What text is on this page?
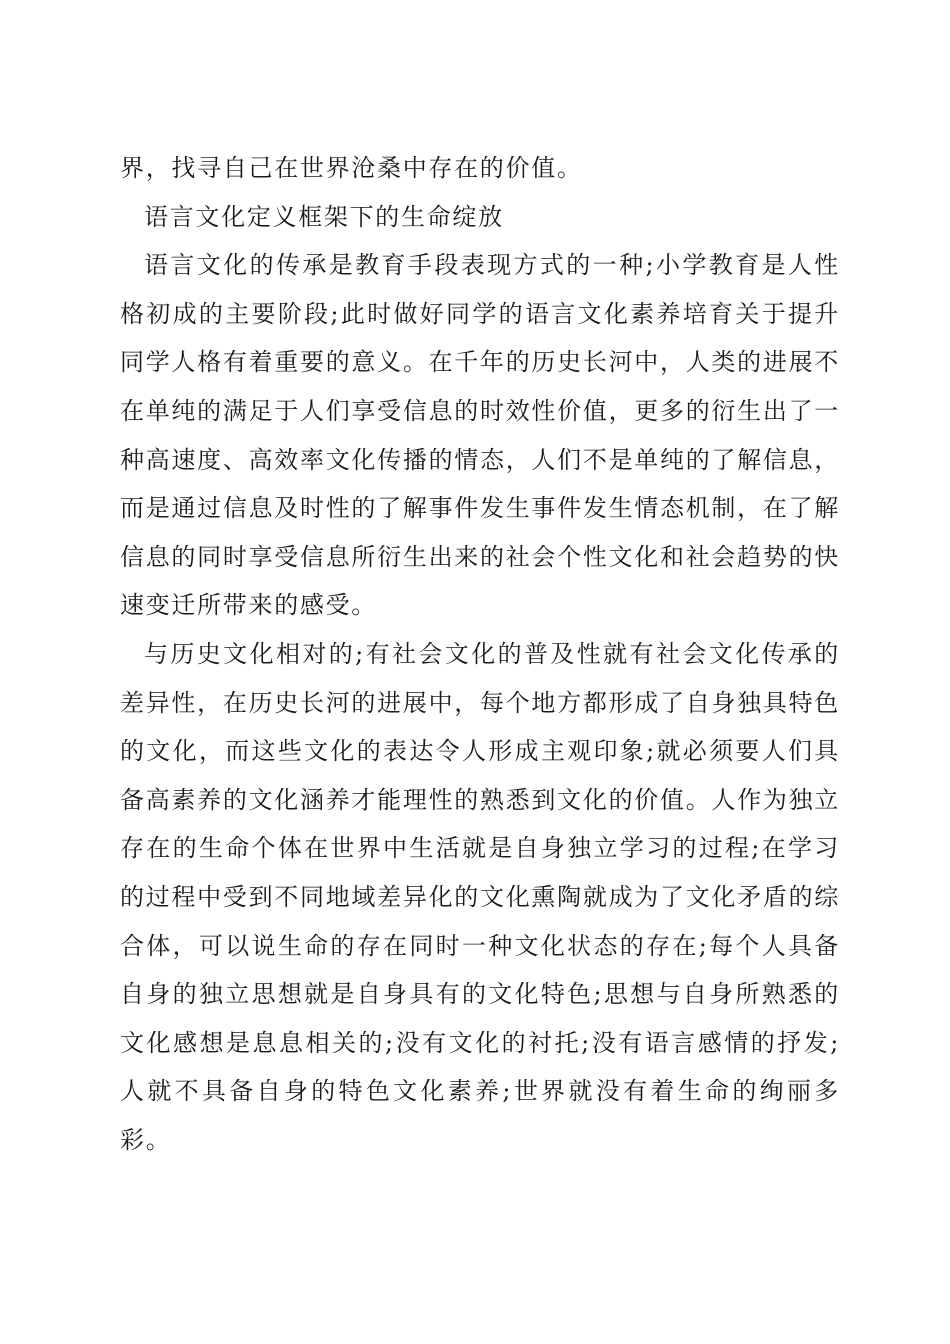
界，找寻自己在世界沧桑中存在的价值。

语言文化定义框架下的生命绽放

语言文化的传承是教育手段表现方式的一种;小学教育是人性格初成的主要阶段;此时做好同学的语言文化素养培育关于提升同学人格有着重要的意义。在千年的历史长河中，人类的进展不在单纯的满足于人们享受信息的时效性价值，更多的衍生出了一种高速度、高效率文化传播的情态，人们不是单纯的了解信息，而是通过信息及时性的了解事件发生事件发生情态机制，在了解信息的同时享受信息所衍生出来的社会个性文化和社会趋势的快速变迁所带来的感受。

与历史文化相对的;有社会文化的普及性就有社会文化传承的差异性，在历史长河的进展中，每个地方都形成了自身独具特色的文化，而这些文化的表达令人形成主观印象;就必须要人们具备高素养的文化涵养才能理性的熟悉到文化的价值。人作为独立存在的生命个体在世界中生活就是自身独立学习的过程;在学习的过程中受到不同地域差异化的文化熏陶就成为了文化矛盾的综合体，可以说生命的存在同时一种文化状态的存在;每个人具备自身的独立思想就是自身具有的文化特色;思想与自身所熟悉的文化感想是息息相关的;没有文化的衬托;没有语言感情的抒发;人就不具备自身的特色文化素养;世界就没有着生命的绚丽多彩。
